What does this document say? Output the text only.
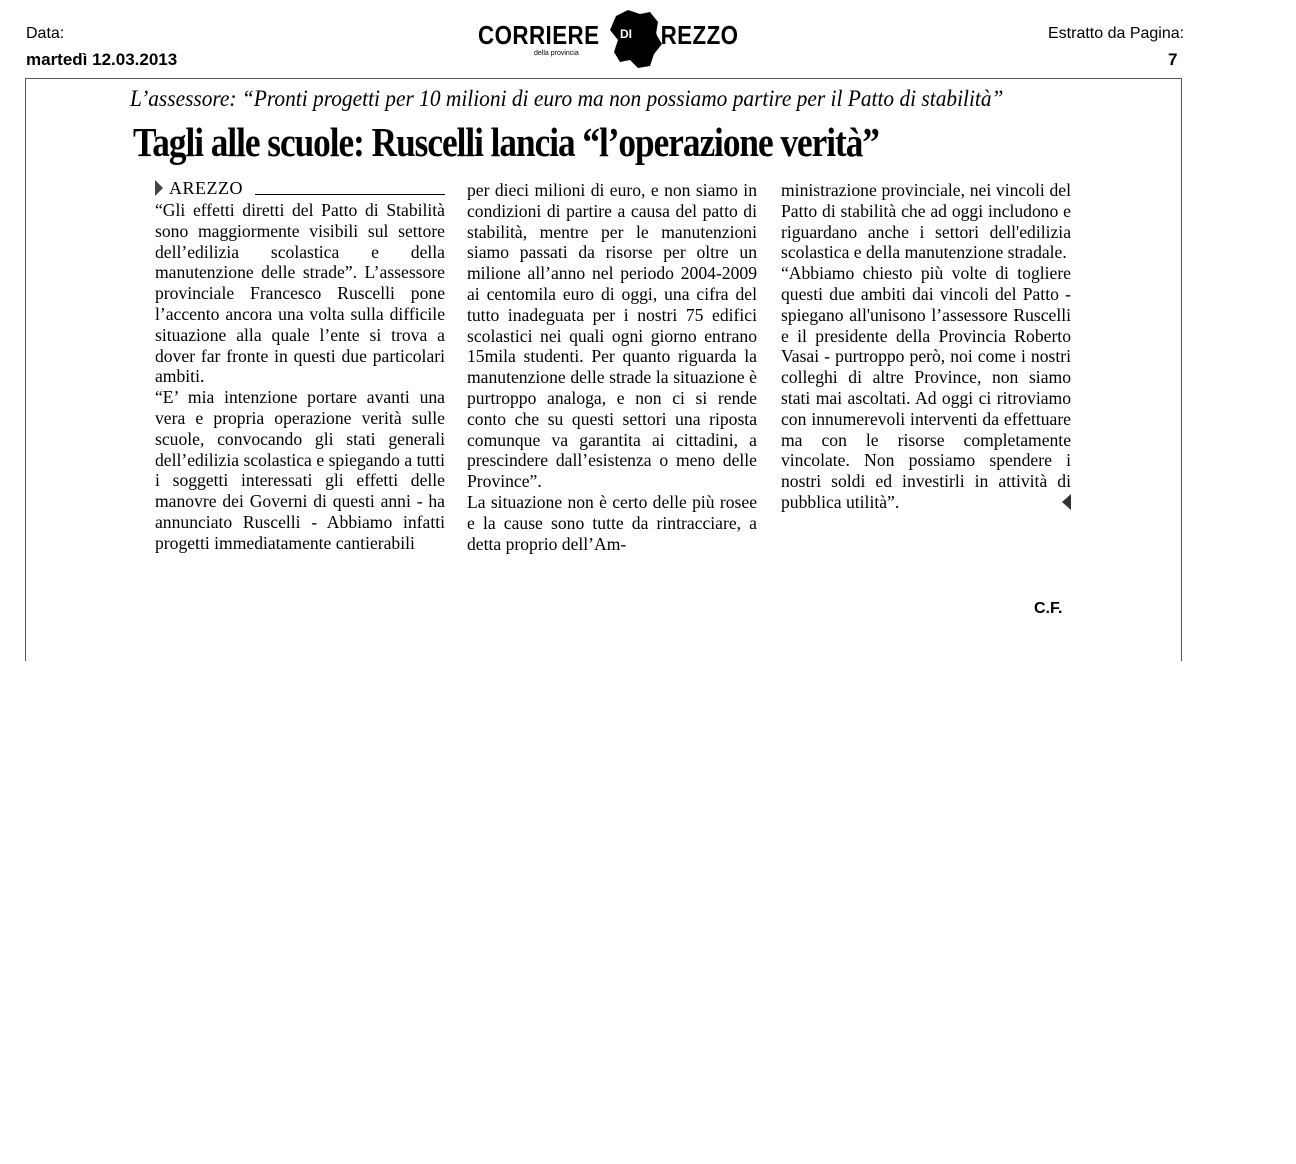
Data:
martedì 12.03.2013
Estratto da Pagina:
7
CORRIERE
della provincia
DI AREZZO
L’assessore: “Pronti progetti per 10 milioni di euro ma non possiamo partire per il Patto di stabilità”
Tagli alle scuole: Ruscelli lancia “l’operazione verità”
AREZZO

“Gli effetti diretti del Patto di Stabilità sono maggiormente visibili sul settore dell’edilizia scolastica e della manutenzione delle strade”. L’assessore provinciale Francesco Ruscelli pone l’accento ancora una volta sulla difficile situazione alla quale l’ente si trova a dover far fronte in questi due particolari ambiti.

“E’ mia intenzione portare avanti una vera e propria operazione verità sulle scuole, convocando gli stati generali dell’edilizia scolastica e spiegando a tutti i soggetti interessati gli effetti delle manovre dei Governi di questi anni - ha annunciato Ruscelli - Abbiamo infatti progetti immediatamente cantierabili

per dieci milioni di euro, e non siamo in condizioni di partire a causa del patto di stabilità, mentre per le manutenzioni siamo passati da risorse per oltre un milione all’anno nel periodo 2004-2009 ai centomila euro di oggi, una cifra del tutto inadeguata per i nostri 75 edifici scolastici nei quali ogni giorno entrano 15mila studenti. Per quanto riguarda la manutenzione delle strade la situazione è purtroppo analoga, e non ci si rende conto che su questi settori una riposta comunque va garantita ai cittadini, a prescindere dall’esistenza o meno delle Province”.

La situazione non è certo delle più rosee e la cause sono tutte da rintracciare, a detta proprio dell’Am-

ministrazione provinciale, nei vincoli del Patto di stabilità che ad oggi includono e riguardano anche i settori dell'edilizia scolastica e della manutenzione stradale.

“Abbiamo chiesto più volte di togliere questi due ambiti dai vincoli del Patto - spiegano all'unisono l’assessore Ruscelli e il presidente della Provincia Roberto Vasai - purtroppo però, noi come i nostri colleghi di altre Province, non siamo stati mai ascoltati. Ad oggi ci ritroviamo con innumerevoli interventi da effettuare ma con le risorse completamente vincolate. Non possiamo spendere i nostri soldi ed investirli in attività di pubblica utilità”.

C.F.
